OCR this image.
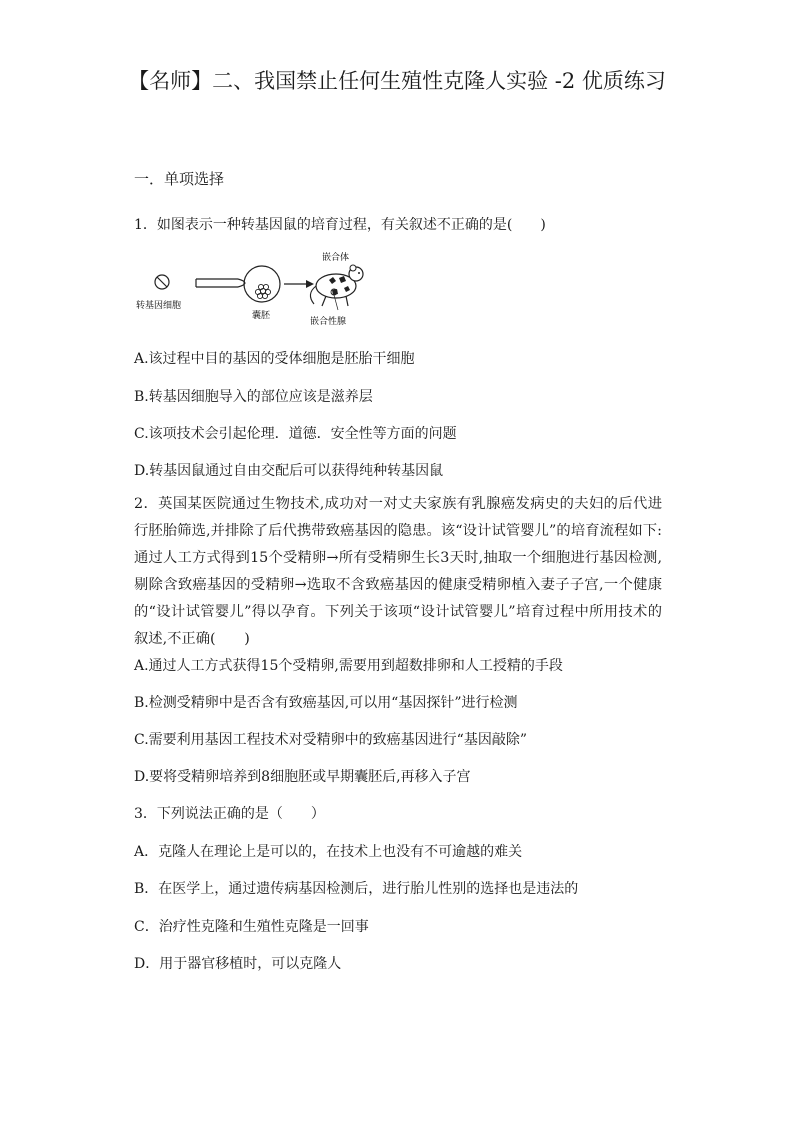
【名师】二、我国禁止任何生殖性克隆人实验 -2 优质练习
一．单项选择
1．如图表示一种转基因鼠的培育过程，有关叙述不正确的是(　　)
转基因细胞
囊胚
嵌合体
嵌合性腺
A.该过程中目的基因的受体细胞是胚胎干细胞
B.转基因细胞导入的部位应该是滋养层
C.该项技术会引起伦理．道德．安全性等方面的问题
D.转基因鼠通过自由交配后可以获得纯种转基因鼠
2．英国某医院通过生物技术,成功对一对丈夫家族有乳腺癌发病史的夫妇的后代进行胚胎筛选,并排除了后代携带致癌基因的隐患。该“设计试管婴儿”的培育流程如下:通过人工方式得到15个受精卵→所有受精卵生长3天时,抽取一个细胞进行基因检测,剔除含致癌基因的受精卵→选取不含致癌基因的健康受精卵植入妻子子宫,一个健康的“设计试管婴儿”得以孕育。下列关于该项“设计试管婴儿”培育过程中所用技术的叙述,不正确(　　)
A.通过人工方式获得15个受精卵,需要用到超数排卵和人工授精的手段
B.检测受精卵中是否含有致癌基因,可以用“基因探针”进行检测
C.需要利用基因工程技术对受精卵中的致癌基因进行“基因敲除”
D.要将受精卵培养到8细胞胚或早期囊胚后,再移入子宫
3．下列说法正确的是（　　）
A．克隆人在理论上是可以的，在技术上也没有不可逾越的难关
B．在医学上，通过遗传病基因检测后，进行胎儿性别的选择也是违法的
C．治疗性克隆和生殖性克隆是一回事
D．用于器官移植时，可以克隆人
